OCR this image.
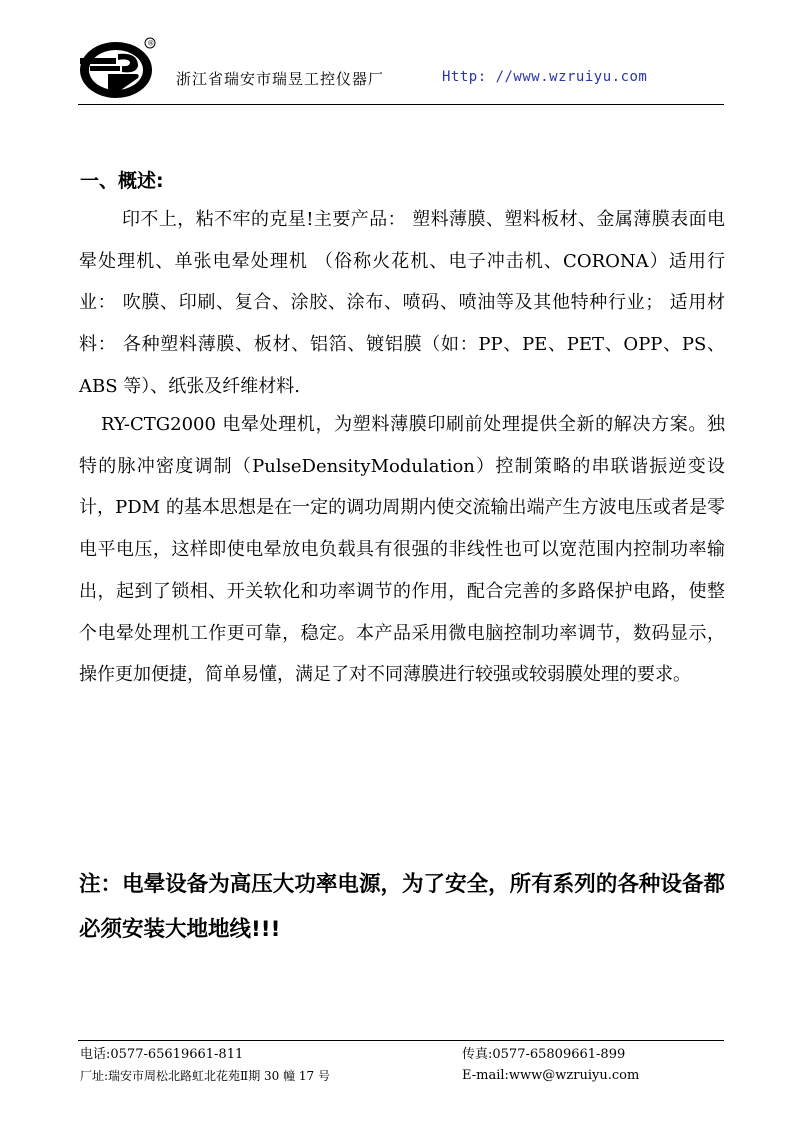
®
浙江省瑞安市瑞昱工控仪器厂	Http: //www.wzruiyu.com
一、概述:
印不上，粘不牢的克星!主要产品： 塑料薄膜、塑料板材、金属薄膜表面电晕处理机、单张电晕处理机 （俗称火花机、电子冲击机、CORONA）适用行业： 吹膜、印刷、复合、涂胶、涂布、喷码、喷油等及其他特种行业； 适用材料： 各种塑料薄膜、板材、铝箔、镀铝膜（如：PP、PE、PET、OPP、PS、ABS 等）、纸张及纤维材料.
RY-CTG2000 电晕处理机，为塑料薄膜印刷前处理提供全新的解决方案。独特的脉冲密度调制（PulseDensityModulation）控制策略的串联谐振逆变设计，PDM 的基本思想是在一定的调功周期内使交流输出端产生方波电压或者是零电平电压，这样即使电晕放电负载具有很强的非线性也可以宽范围内控制功率输出，起到了锁相、开关软化和功率调节的作用，配合完善的多路保护电路，使整个电晕处理机工作更可靠，稳定。本产品采用微电脑控制功率调节，数码显示，操作更加便捷，简单易懂，满足了对不同薄膜进行较强或较弱膜处理的要求。
注：电晕设备为高压大功率电源，为了安全，所有系列的各种设备都必须安装大地地线!!!
电话:0577-65619661-811	传真:0577-65809661-899
厂址:瑞安市周松北路虹北花苑Ⅱ期 30 幢 17 号	E-mail:www@wzruiyu.com
